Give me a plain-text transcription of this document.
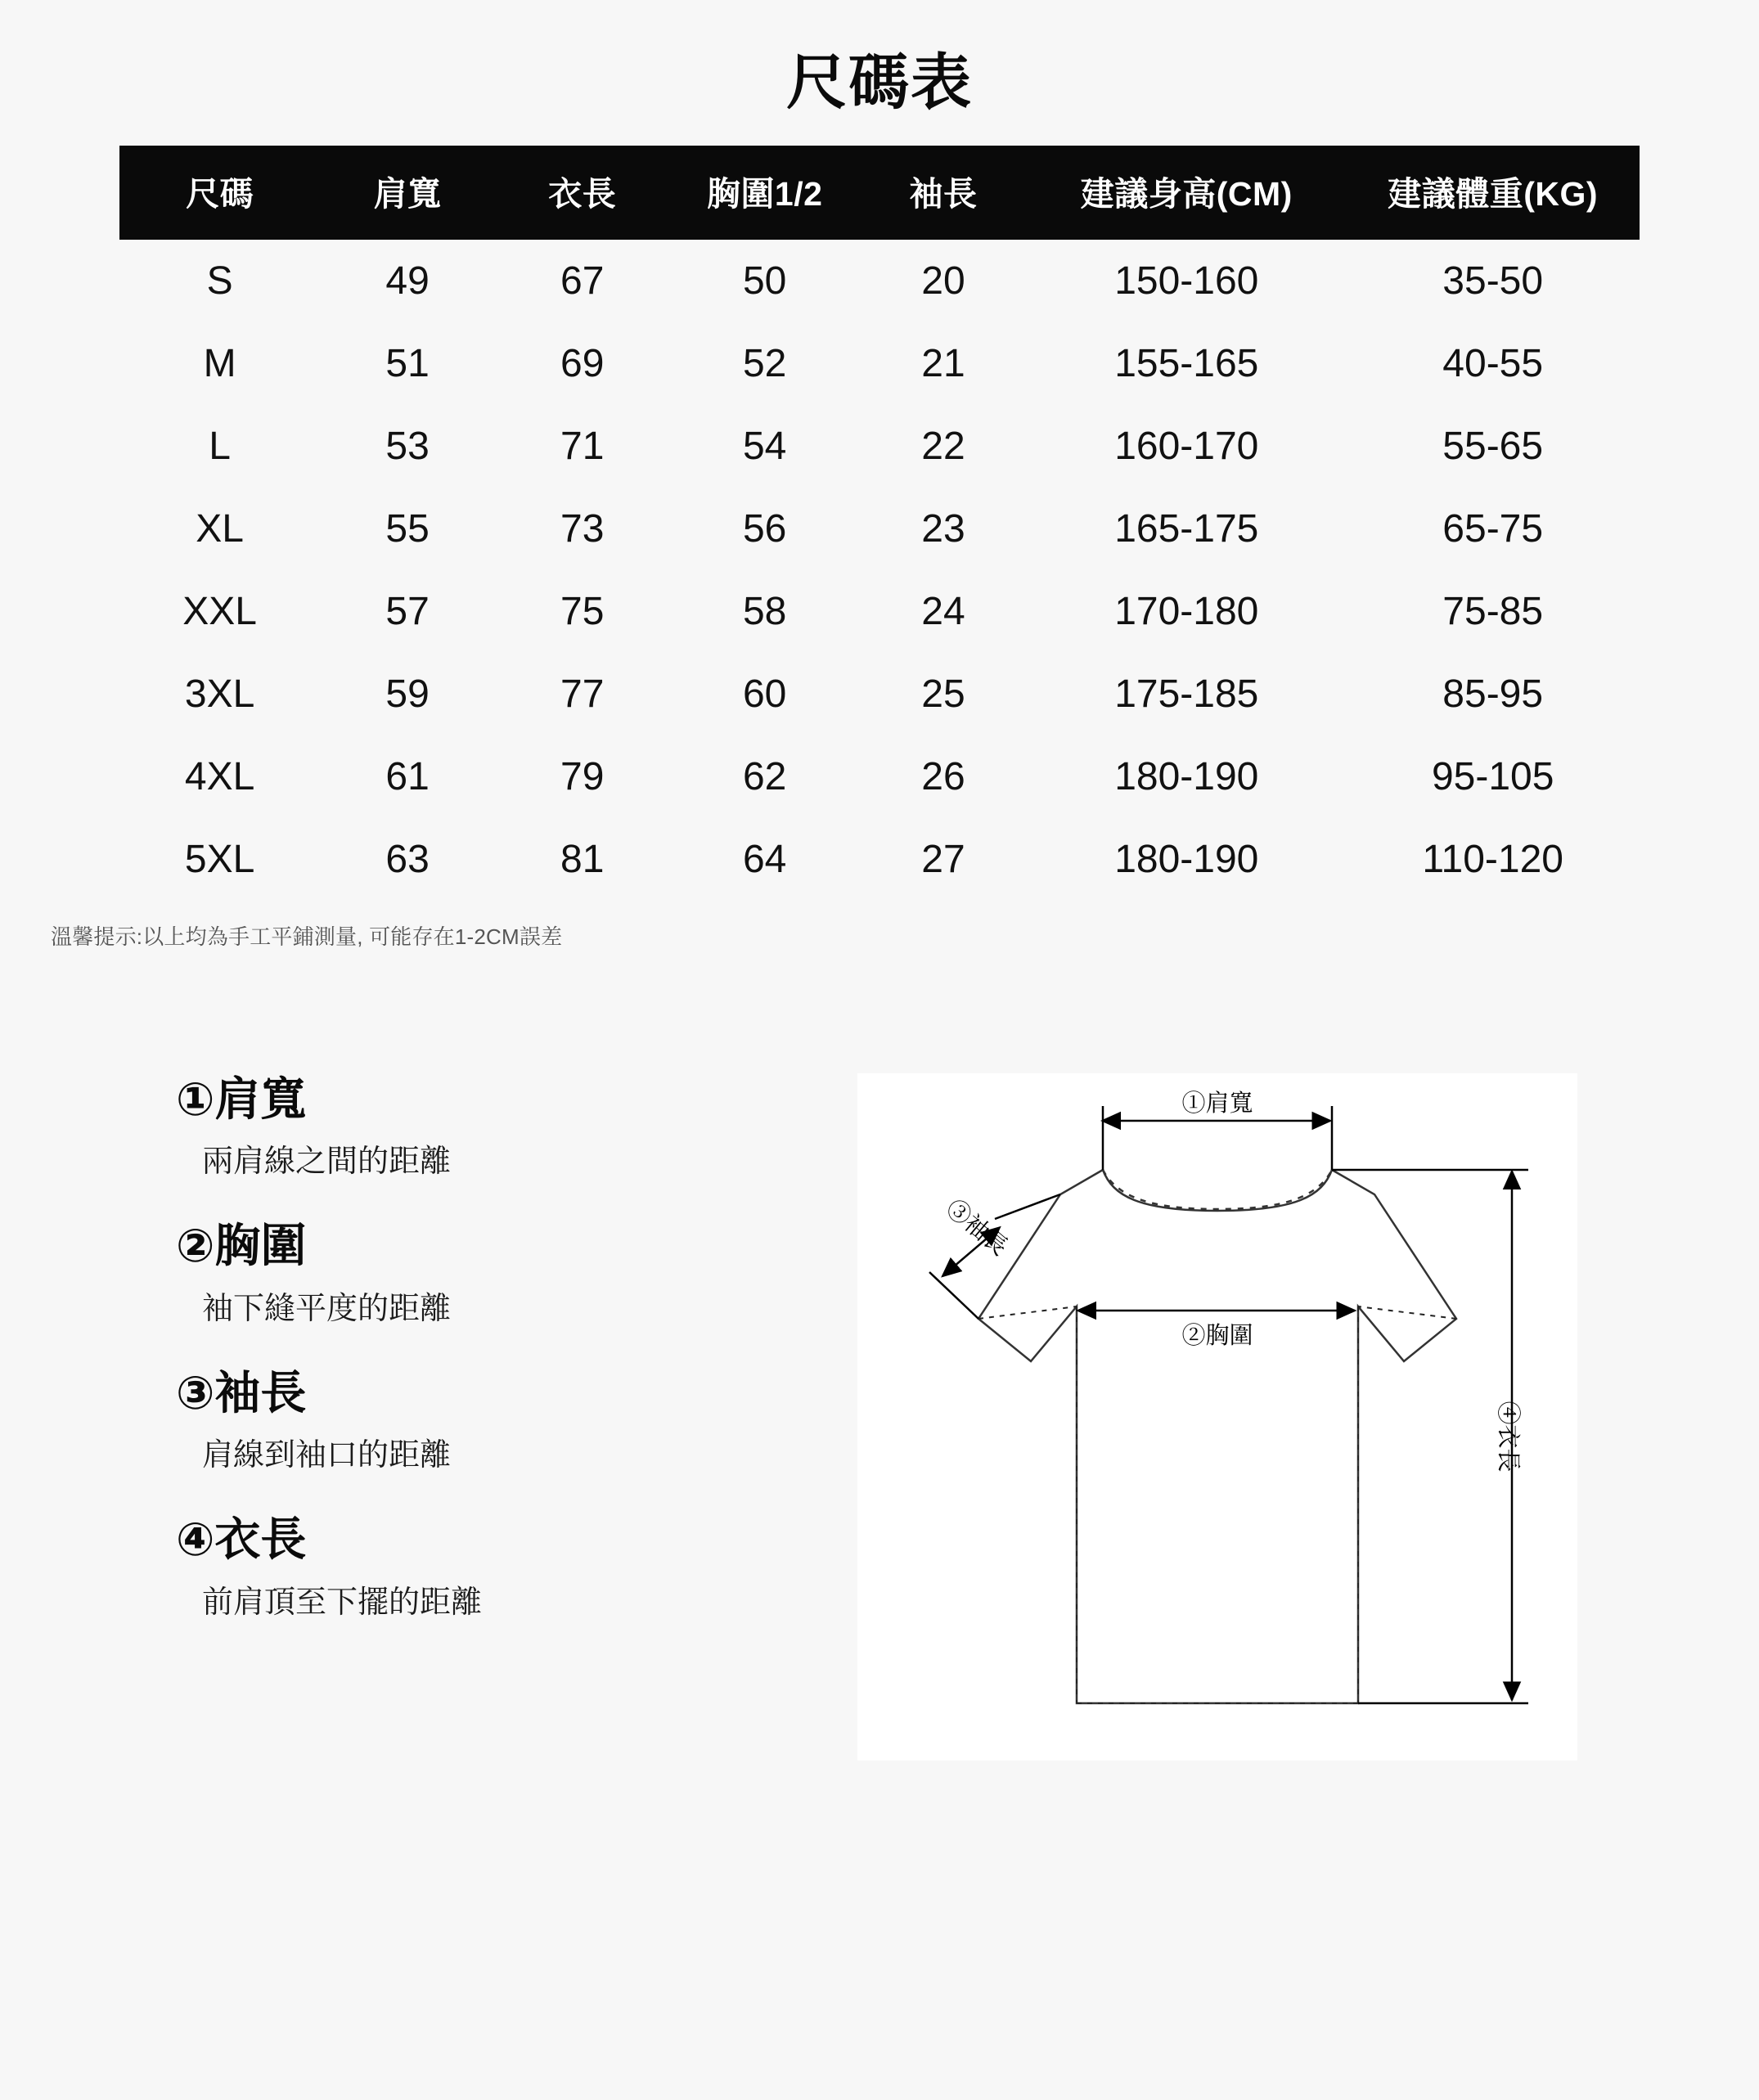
尺碼表
尺碼	肩寬	衣長	胸圍1/2	袖長	建議身高(CM)	建議體重(KG)
S	49	67	50	20	150-160	35-50
M	51	69	52	21	155-165	40-55
L	53	71	54	22	160-170	55-65
XL	55	73	56	23	165-175	65-75
XXL	57	75	58	24	170-180	75-85
3XL	59	77	60	25	175-185	85-95
4XL	61	79	62	26	180-190	95-105
5XL	63	81	64	27	180-190	110-120
溫馨提示:以上均為手工平鋪測量, 可能存在1-2CM誤差
①肩寬
兩肩線之間的距離
②胸圍
袖下縫平度的距離
③袖長
肩線到袖口的距離
④衣長
前肩頂至下擺的距離
①肩寬
③袖長
②胸圍
④衣長
